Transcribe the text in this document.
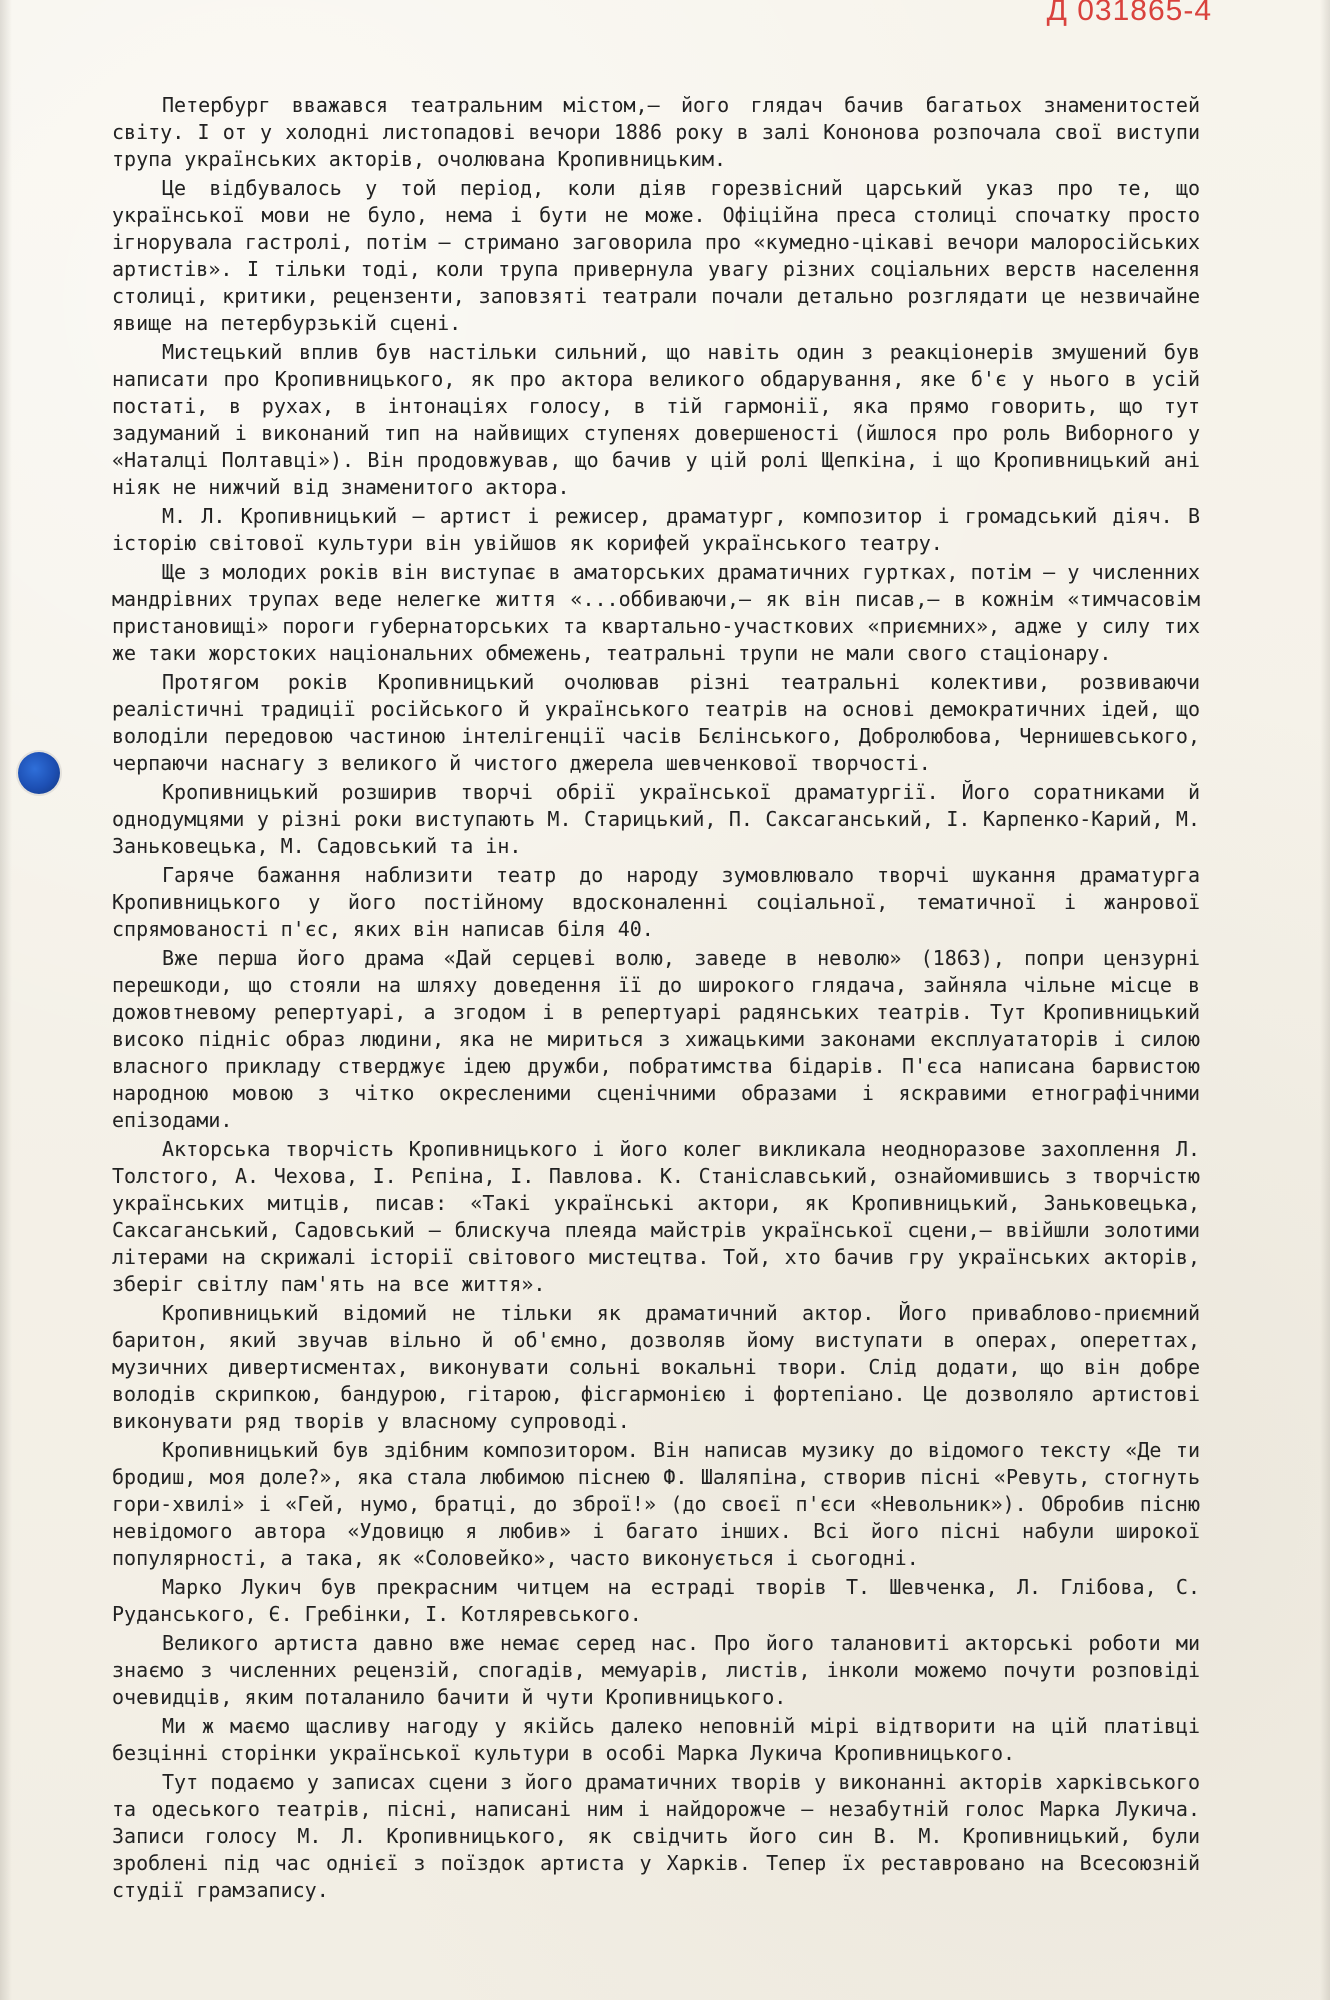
Д 031865-4

Петербург вважався театральним містом,— його глядач бачив багатьох знаменитостей світу. І от у холодні листопадові вечори 1886 року в залі Кононова розпочала свої виступи трупа українських акторів, очолювана Кропивницьким.

Це відбувалось у той період, коли діяв горезвісний царський указ про те, що української мови не було, нема і бути не може. Офіційна преса столиці спочатку просто ігнорувала гастролі, потім — стримано заговорила про «кумедно-цікаві вечори малоросійських артистів». І тільки тоді, коли трупа привернула увагу різних соціальних верств населення столиці, критики, рецензенти, заповзяті театрали почали детально розглядати це незвичайне явище на петербурзькій сцені.

Мистецький вплив був настільки сильний, що навіть один з реакціонерів змушений був написати про Кропивницького, як про актора великого обдарування, яке б'є у нього в усій постаті, в рухах, в інтонаціях голосу, в тій гармонії, яка прямо говорить, що тут задуманий і виконаний тип на найвищих ступенях довершеності (йшлося про роль Виборного у «Наталці Полтавці»). Він продовжував, що бачив у цій ролі Щепкіна, і що Кропивницький ані ніяк не нижчий від знаменитого актора.

М. Л. Кропивницький — артист і режисер, драматург, композитор і громадський діяч. В історію світової культури він увійшов як корифей українського театру.

Ще з молодих років він виступає в аматорських драматичних гуртках, потім — у численних мандрівних трупах веде нелегке життя «...оббиваючи,— як він писав,— в кожнім «тимчасовім пристановищі» пороги губернаторських та квартально-участкових «приємних», адже у силу тих же таки жорстоких національних обмежень, театральні трупи не мали свого стаціонару.

Протягом років Кропивницький очолював різні театральні колективи, розвиваючи реалістичні традиції російського й українського театрів на основі демократичних ідей, що володіли передовою частиною інтелігенції часів Бєлінського, Добролюбова, Чернишевського, черпаючи наснагу з великого й чистого джерела шевченкової творчості.

Кропивницький розширив творчі обрії української драматургії. Його соратниками й однодумцями у різні роки виступають М. Старицький, П. Саксаганський, І. Карпенко-Карий, М. Заньковецька, М. Садовський та ін.

Гаряче бажання наблизити театр до народу зумовлювало творчі шукання драматурга Кропивницького у його постійному вдосконаленні соціальної, тематичної і жанрової спрямованості п'єс, яких він написав біля 40.

Вже перша його драма «Дай серцеві волю, заведе в неволю» (1863), попри цензурні перешкоди, що стояли на шляху доведення її до широкого глядача, зайняла чільне місце в дожовтневому репертуарі, а згодом і в репертуарі радянських театрів. Тут Кропивницький високо підніс образ людини, яка не мириться з хижацькими законами експлуататорів і силою власного прикладу стверджує ідею дружби, побратимства бідарів. П'єса написана барвистою народною мовою з чітко окресленими сценічними образами і яскравими етнографічними епізодами.

Акторська творчість Кропивницького і його колег викликала неодноразове захоплення Л. Толстого, А. Чехова, І. Рєпіна, І. Павлова. К. Станіславський, ознайомившись з творчістю українських митців, писав: «Такі українські актори, як Кропивницький, Заньковецька, Саксаганський, Садовський — блискуча плеяда майстрів української сцени,— ввійшли золотими літерами на скрижалі історії світового мистецтва. Той, хто бачив гру українських акторів, зберіг світлу пам'ять на все життя».

Кропивницький відомий не тільки як драматичний актор. Його приваблово-приємний баритон, який звучав вільно й об'ємно, дозволяв йому виступати в операх, опереттах, музичних дивертисментах, виконувати сольні вокальні твори. Слід додати, що він добре володів скрипкою, бандурою, гітарою, фісгармонією і фортепіано. Це дозволяло артистові виконувати ряд творів у власному супроводі.

Кропивницький був здібним композитором. Він написав музику до відомого тексту «Де ти бродиш, моя доле?», яка стала любимою піснею Ф. Шаляпіна, створив пісні «Ревуть, стогнуть гори-хвилі» і «Гей, нумо, братці, до зброї!» (до своєї п'єси «Невольник»). Обробив пісню невідомого автора «Удовицю я любив» і багато інших. Всі його пісні набули широкої популярності, а така, як «Соловейко», часто виконується і сьогодні.

Марко Лукич був прекрасним читцем на естраді творів Т. Шевченка, Л. Глібова, С. Руданського, Є. Гребінки, І. Котляревського.

Великого артиста давно вже немає серед нас. Про його талановиті акторські роботи ми знаємо з численних рецензій, спогадів, мемуарів, листів, інколи можемо почути розповіді очевидців, яким поталанило бачити й чути Кропивницького.

Ми ж маємо щасливу нагоду у якійсь далеко неповній мірі відтворити на цій платівці безцінні сторінки української культури в особі Марка Лукича Кропивницького.

Тут подаємо у записах сцени з його драматичних творів у виконанні акторів харківського та одеського театрів, пісні, написані ним і найдорожче — незабутній голос Марка Лукича. Записи голосу М. Л. Кропивницького, як свідчить його син В. М. Кропивницький, були зроблені під час однієї з поїздок артиста у Харків. Тепер їх реставровано на Всесоюзній студії грамзапису.
